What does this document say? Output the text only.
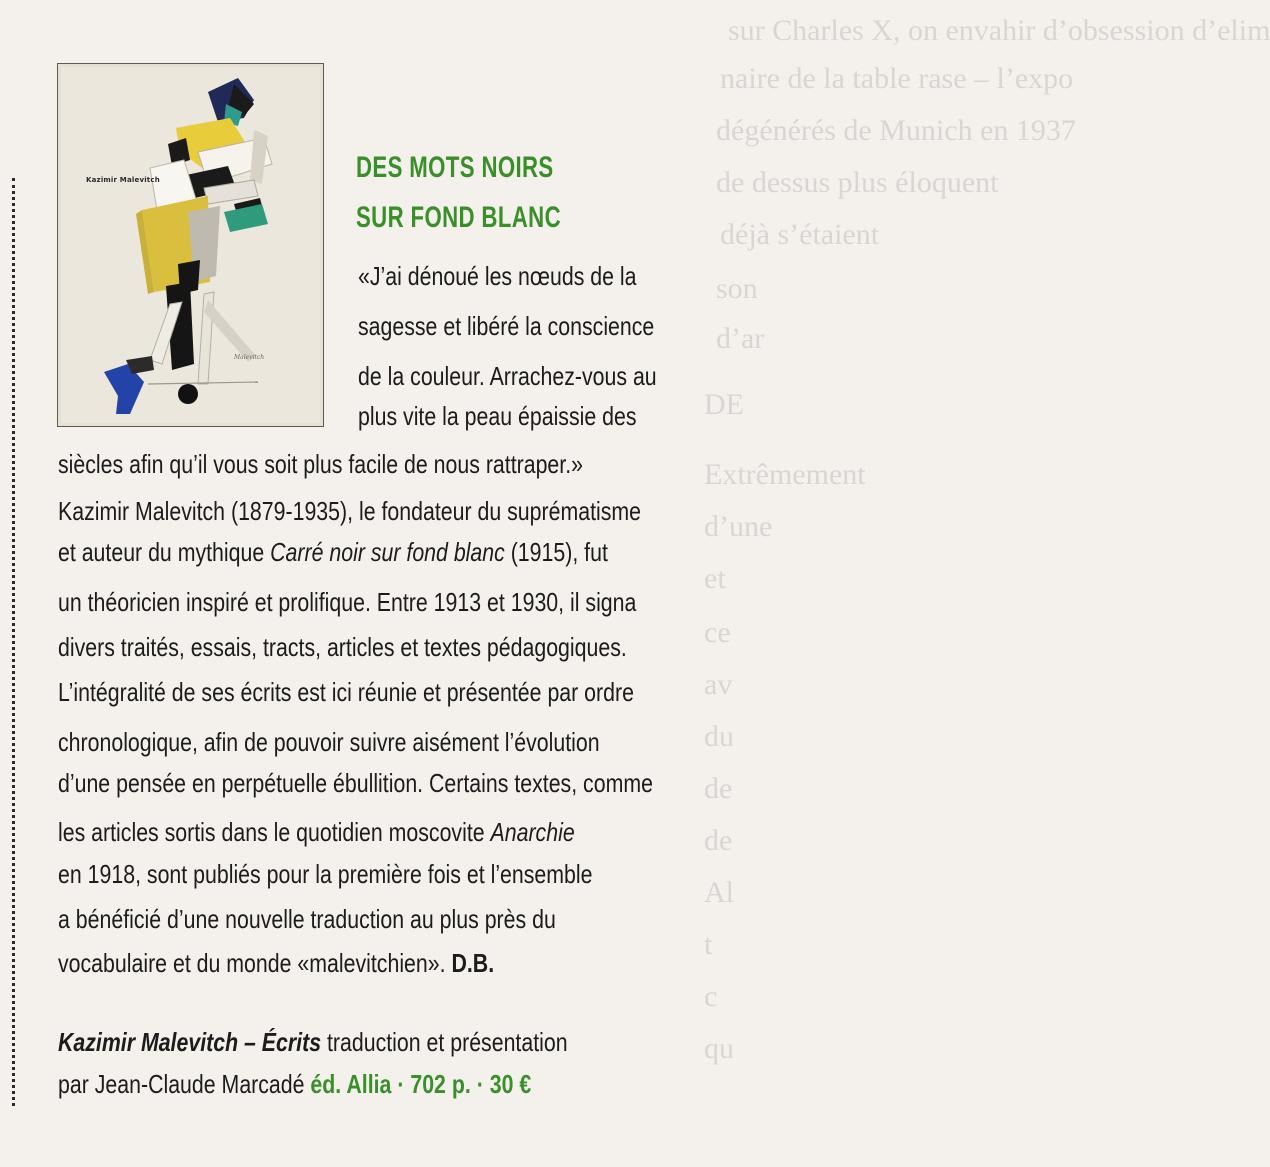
sur Charles X, on envahir d’obsession d’elim
naire de la table rase – l’expo
dégénérés de Munich en 1937
de dessus plus éloquent
déjà s’étaient
son
d’ar
DE
Extrêmement
d’une
et
ce
av
du
de
de
Al
t
c
qu
Kazimir Malevitch
Malevitch
DES MOTS NOIRS
SUR FOND BLANC
«J’ai dénoué les nœuds de la
sagesse et libéré la conscience
de la couleur. Arrachez-vous au
plus vite la peau épaissie des
siècles afin qu’il vous soit plus facile de nous rattraper.»
Kazimir Malevitch (1879-1935), le fondateur du suprématisme
et auteur du mythique Carré noir sur fond blanc (1915), fut
un théoricien inspiré et prolifique. Entre 1913 et 1930, il signa
divers traités, essais, tracts, articles et textes pédagogiques.
L’intégralité de ses écrits est ici réunie et présentée par ordre
chronologique, afin de pouvoir suivre aisément l’évolution
d’une pensée en perpétuelle ébullition. Certains textes, comme
les articles sortis dans le quotidien moscovite Anarchie
en 1918, sont publiés pour la première fois et l’ensemble
a bénéficié d’une nouvelle traduction au plus près du
vocabulaire et du monde «malevitchien». D.B.
Kazimir Malevitch – Écrits traduction et présentation
par Jean-Claude Marcadé éd. Allia · 702 p. · 30 €
